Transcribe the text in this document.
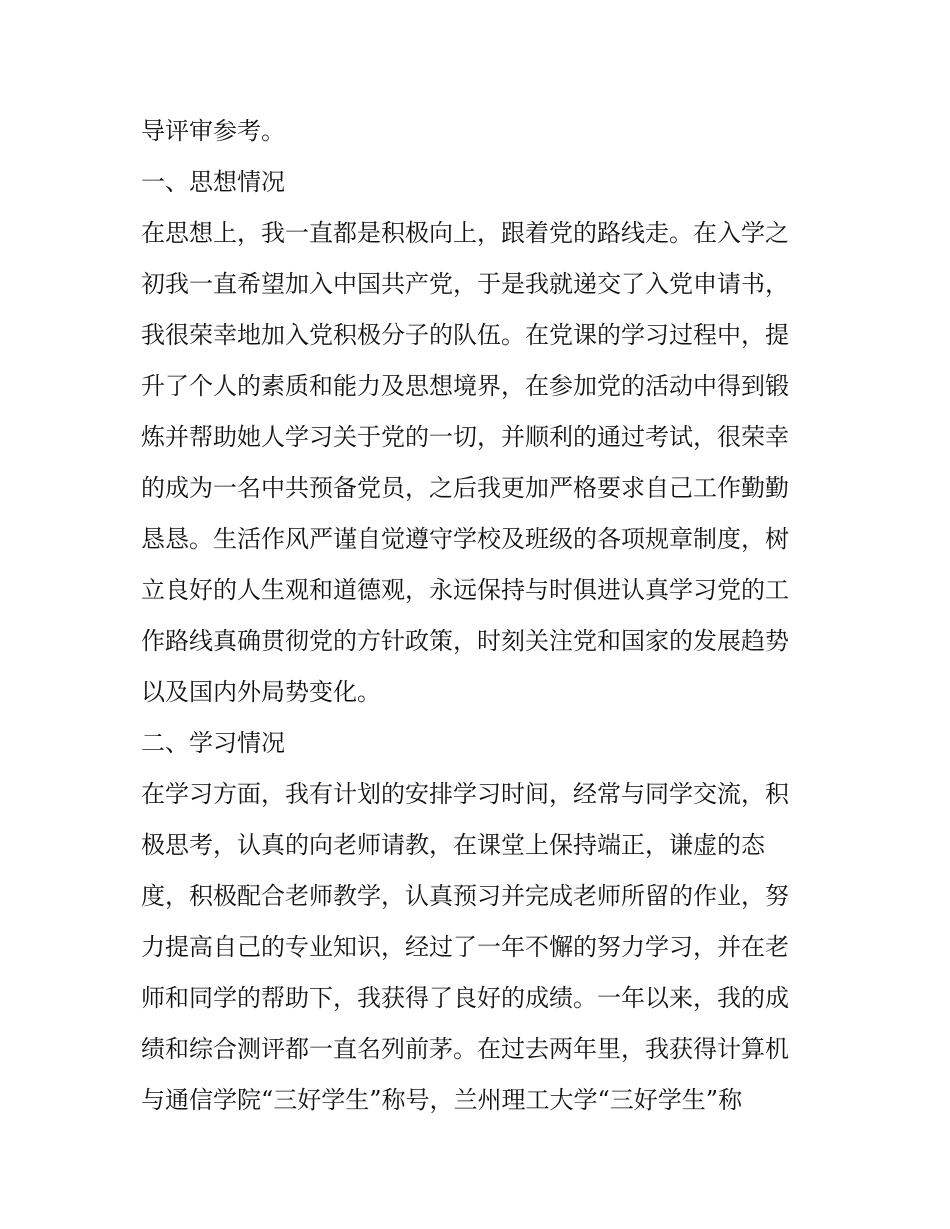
导评审参考。
一、思想情况
在思想上，我一直都是积极向上，跟着党的路线走。在入学之
初我一直希望加入中国共产党，于是我就递交了入党申请书，
我很荣幸地加入党积极分子的队伍。在党课的学习过程中，提
升了个人的素质和能力及思想境界，在参加党的活动中得到锻
炼并帮助她人学习关于党的一切，并顺利的通过考试，很荣幸
的成为一名中共预备党员，之后我更加严格要求自己工作勤勤
恳恳。生活作风严谨自觉遵守学校及班级的各项规章制度，树
立良好的人生观和道德观，永远保持与时俱进认真学习党的工
作路线真确贯彻党的方针政策，时刻关注党和国家的发展趋势
以及国内外局势变化。
二、学习情况
在学习方面，我有计划的安排学习时间，经常与同学交流，积
极思考，认真的向老师请教，在课堂上保持端正，谦虚的态
度，积极配合老师教学，认真预习并完成老师所留的作业，努
力提高自己的专业知识，经过了一年不懈的努力学习，并在老
师和同学的帮助下，我获得了良好的成绩。一年以来，我的成
绩和综合测评都一直名列前茅。在过去两年里，我获得计算机
与通信学院“三好学生”称号，兰州理工大学“三好学生”称
